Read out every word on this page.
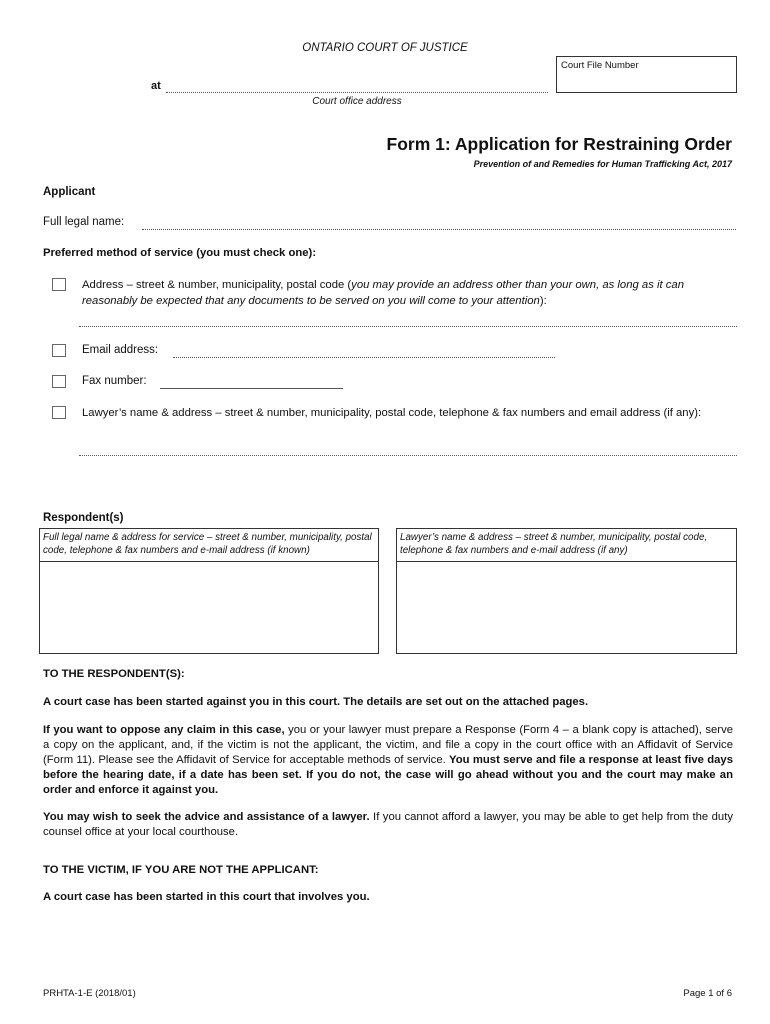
ONTARIO COURT OF JUSTICE
at
Court office address
Court File Number
Form 1: Application for Restraining Order
Prevention of and Remedies for Human Trafficking Act, 2017
Applicant
Full legal name:
Preferred method of service (you must check one):
Address – street & number, municipality, postal code (you may provide an address other than your own, as long as it can reasonably be expected that any documents to be served on you will come to your attention):
Email address:
Fax number:
Lawyer’s name & address – street & number, municipality, postal code, telephone & fax numbers and email address (if any):
Respondent(s)
Full legal name & address for service – street & number, municipality, postal code, telephone & fax numbers and e-mail address (if known)
Lawyer’s name & address – street & number, municipality, postal code, telephone & fax numbers and e-mail address (if any)
TO THE RESPONDENT(S):
A court case has been started against you in this court. The details are set out on the attached pages.
If you want to oppose any claim in this case, you or your lawyer must prepare a Response (Form 4 – a blank copy is attached), serve a copy on the applicant, and, if the victim is not the applicant, the victim, and file a copy in the court office with an Affidavit of Service (Form 11). Please see the Affidavit of Service for acceptable methods of service. You must serve and file a response at least five days before the hearing date, if a date has been set. If you do not, the case will go ahead without you and the court may make an order and enforce it against you.
You may wish to seek the advice and assistance of a lawyer. If you cannot afford a lawyer, you may be able to get help from the duty counsel office at your local courthouse.
TO THE VICTIM, IF YOU ARE NOT THE APPLICANT:
A court case has been started in this court that involves you.
PRHTA-1-E (2018/01)	Page 1 of 6
